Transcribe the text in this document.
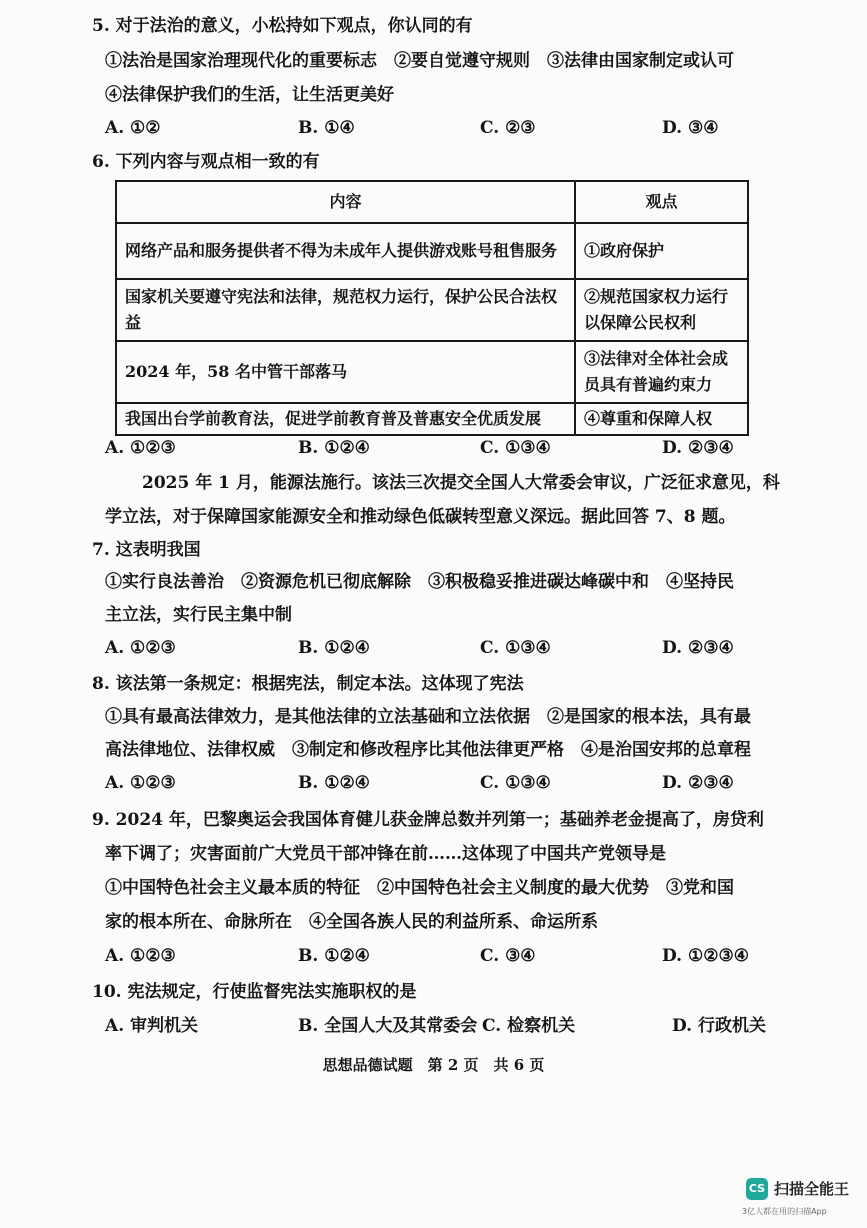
5. 对于法治的意义，小松持如下观点，你认同的有
①法治是国家治理现代化的重要标志　②要自觉遵守规则　③法律由国家制定或认可
④法律保护我们的生活，让生活更美好
A. ①②	B. ①④	C. ②③	D. ③④
6. 下列内容与观点相一致的有
内容	观点
网络产品和服务提供者不得为未成年人提供游戏账号租售服务	①政府保护
国家机关要遵守宪法和法律，规范权力运行，保护公民合法权益	②规范国家权力运行以保障公民权利
2024 年，58 名中管干部落马	③法律对全体社会成员具有普遍约束力
我国出台学前教育法，促进学前教育普及普惠安全优质发展	④尊重和保障人权
A. ①②③	B. ①②④	C. ①③④	D. ②③④
2025 年 1 月，能源法施行。该法三次提交全国人大常委会审议，广泛征求意见，科
学立法，对于保障国家能源安全和推动绿色低碳转型意义深远。据此回答 7、8 题。
7. 这表明我国
①实行良法善治　②资源危机已彻底解除　③积极稳妥推进碳达峰碳中和　④坚持民
主立法，实行民主集中制
A. ①②③	B. ①②④	C. ①③④	D. ②③④
8. 该法第一条规定：根据宪法，制定本法。这体现了宪法
①具有最高法律效力，是其他法律的立法基础和立法依据　②是国家的根本法，具有最
高法律地位、法律权威　③制定和修改程序比其他法律更严格　④是治国安邦的总章程
A. ①②③	B. ①②④	C. ①③④	D. ②③④
9. 2024 年，巴黎奥运会我国体育健儿获金牌总数并列第一；基础养老金提高了，房贷利
率下调了；灾害面前广大党员干部冲锋在前……这体现了中国共产党领导是
①中国特色社会主义最本质的特征　②中国特色社会主义制度的最大优势　③党和国
家的根本所在、命脉所在　④全国各族人民的利益所系、命运所系
A. ①②③	B. ①②④	C. ③④	D. ①②③④
10. 宪法规定，行使监督宪法实施职权的是
A. 审判机关	B. 全国人大及其常委会 C. 检察机关	D. 行政机关
思想品德试题　第 2 页　共 6 页
CS 扫描全能王
3亿人都在用的扫描App
